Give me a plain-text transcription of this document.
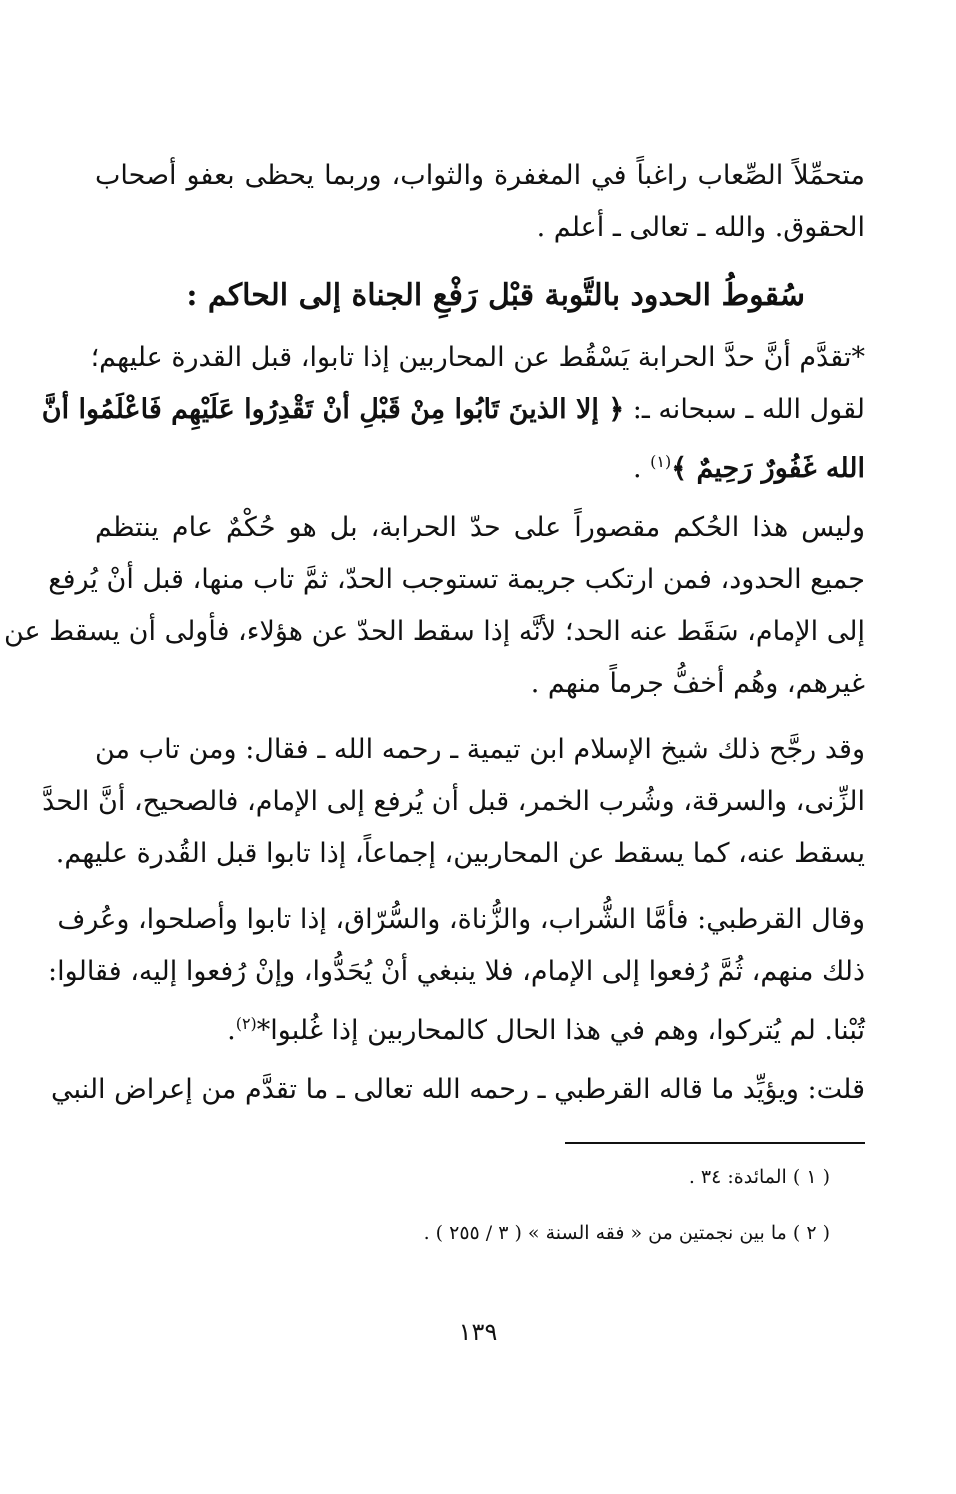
متحمِّلاً الصِّعاب راغباً في المغفرة والثواب، وربما يحظى بعفو أصحاب
الحقوق. والله ـ تعالى ـ أعلم .
سُقوطُ الحدود بالتَّوبة قبْل رَفْعِ الجناة إلى الحاكم :
*تقدَّم أنَّ حدَّ الحرابة يَسْقُط عن المحاربين إذا تابوا، قبل القدرة عليهم؛
لقول الله ـ سبحانه ـ: ﴿ إلا الذينَ تَابُوا مِنْ قَبْلِ أنْ تَقْدِرُوا عَلَيْهِم فَاعْلَمُوا أنَّ
الله غَفُورٌ رَحِيمٌ ﴾$^{(١)}$ .
وليس هذا الحُكم مقصوراً على حدّ الحرابة، بل هو حُكْمٌ عام ينتظم
جميع الحدود، فمن ارتكب جريمة تستوجب الحدّ، ثمَّ تاب منها، قبل أنْ يُرفع
إلى الإمام، سَقَط عنه الحد؛ لأنَّه إذا سقط الحدّ عن هؤلاء، فأولى أن يسقط عن
غيرهم، وهُم أخفُّ جرماً منهم .
وقد رجَّح ذلك شيخ الإسلام ابن تيمية ـ رحمه الله ـ فقال: ومن تاب من
الزِّنى، والسرقة، وشُرب الخمر، قبل أن يُرفع إلى الإمام، فالصحيح، أنَّ الحدَّ
يسقط عنه، كما يسقط عن المحاربين، إجماعاً، إذا تابوا قبل القُدرة عليهم.
وقال القرطبي: فأمَّا الشُّراب، والزُّناة، والسُّرّاق، إذا تابوا وأصلحوا، وعُرف
ذلك منهم، ثُمَّ رُفعوا إلى الإمام، فلا ينبغي أنْ يُحَدُّوا، وإنْ رُفعوا إليه، فقالوا:
تُبْنا. لم يُتركوا، وهم في هذا الحال كالمحاربين إذا غُلبوا*$^{(٢)}$.
قلت: ويؤيِّد ما قاله القرطبي ـ رحمه الله تعالى ـ ما تقدَّم من إعراض النبي
( ١ ) المائدة: ٣٤ .
( ٢ ) ما بين نجمتين من « فقه السنة » ( ٣ / ٢٥٥ ) .
١٣٩
